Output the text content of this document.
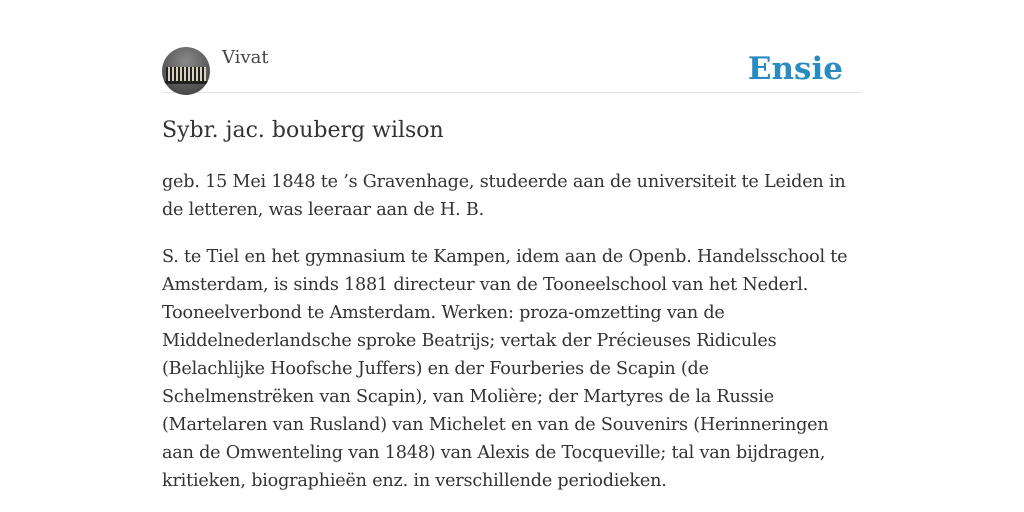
Vivat	Ensie
Sybr. jac. bouberg wilson

geb. 15 Mei 1848 te ’s Gravenhage, studeerde aan de universiteit te Leiden in de letteren, was leeraar aan de H. B.

S. te Tiel en het gymnasium te Kampen, idem aan de Openb. Handelsschool te Amsterdam, is sinds 1881 directeur van de Tooneelschool van het Nederl. Tooneelverbond te Amsterdam. Werken: proza-omzetting van de Middelnederlandsche sproke Beatrijs; vertak der Précieuses Ridicules (Belachlijke Hoofsche Juffers) en der Fourberies de Scapin (de Schelmenstrëken van Scapin), van Molière; der Martyres de la Russie (Martelaren van Rusland) van Michelet en van de Souvenirs (Herinneringen aan de Omwenteling van 1848) van Alexis de Tocqueville; tal van bijdragen, kritieken, biographieën enz. in verschillende periodieken.
